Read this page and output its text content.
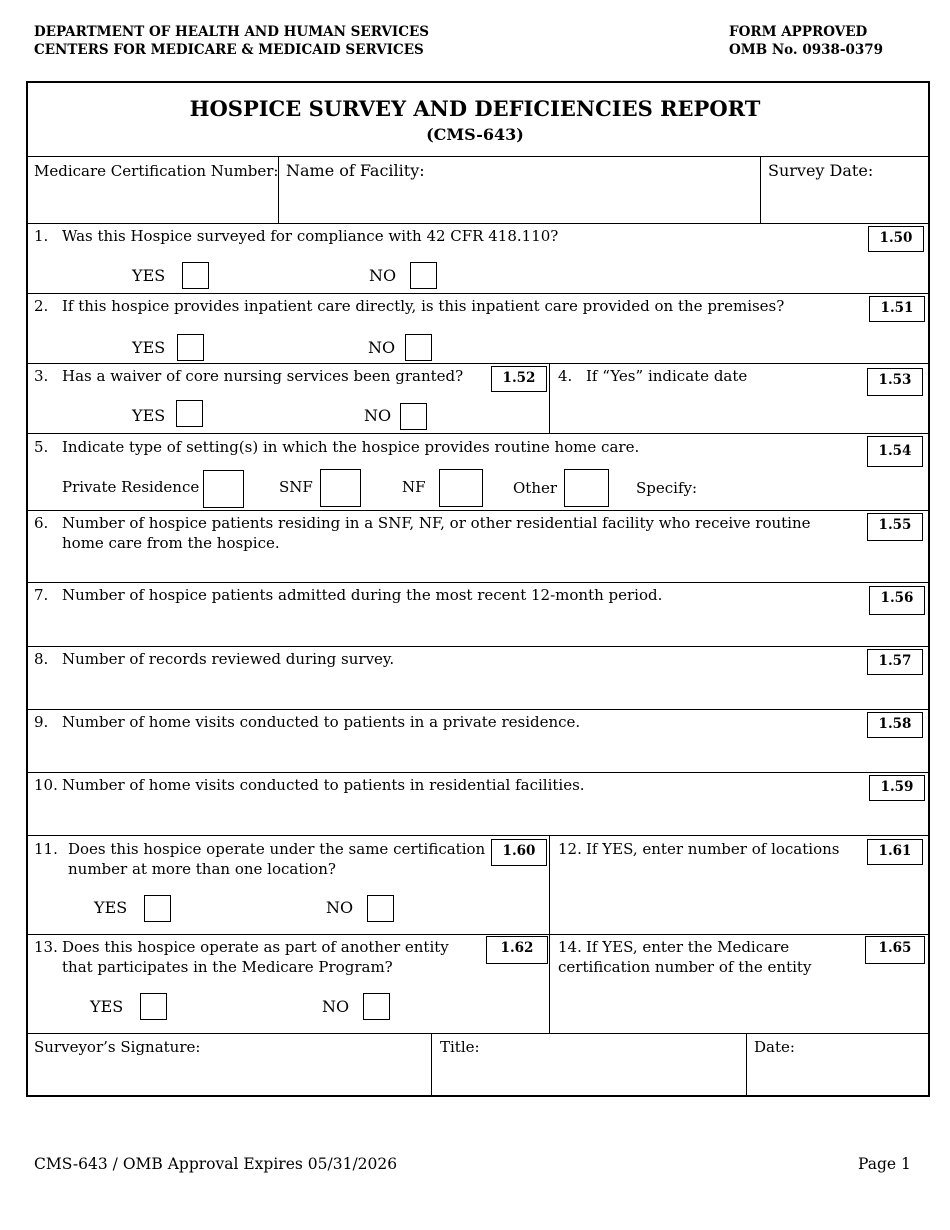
DEPARTMENT OF HEALTH AND HUMAN SERVICES
CENTERS FOR MEDICARE & MEDICAID SERVICES
FORM APPROVED
OMB No. 0938-0379
HOSPICE SURVEY AND DEFICIENCIES REPORT
(CMS-643)
Medicare Certification Number: Name of Facility:	Survey Date:
1. Was this Hospice surveyed for compliance with 42 CFR 418.110?	1.50
YES	NO
2. If this hospice provides inpatient care directly, is this inpatient care provided on the premises?	1.51
YES	NO
3. Has a waiver of core nursing services been granted?	1.52
YES	NO
4. If “Yes” indicate date	1.53
5. Indicate type of setting(s) in which the hospice provides routine home care.	1.54
Private Residence	SNF	NF	Other	Specify:
6. Number of hospice patients residing in a SNF, NF, or other residential facility who receive routine
home care from the hospice.
1.55
7. Number of hospice patients admitted during the most recent 12-month period.	1.56
8. Number of records reviewed during survey.	1.57
9. Number of home visits conducted to patients in a private residence.	1.58
10. Number of home visits conducted to patients in residential facilities.	1.59
11. Does this hospice operate under the same certification
number at more than one location?
1.60
YES	NO
12. If YES, enter number of locations	1.61
13. Does this hospice operate as part of another entity
that participates in the Medicare Program?
1.62
YES	NO
14. If YES, enter the Medicare
certification number of the entity
1.65
Surveyor’s Signature:	Title:	Date:
CMS-643 / OMB Approval Expires 05/31/2026	Page 1
